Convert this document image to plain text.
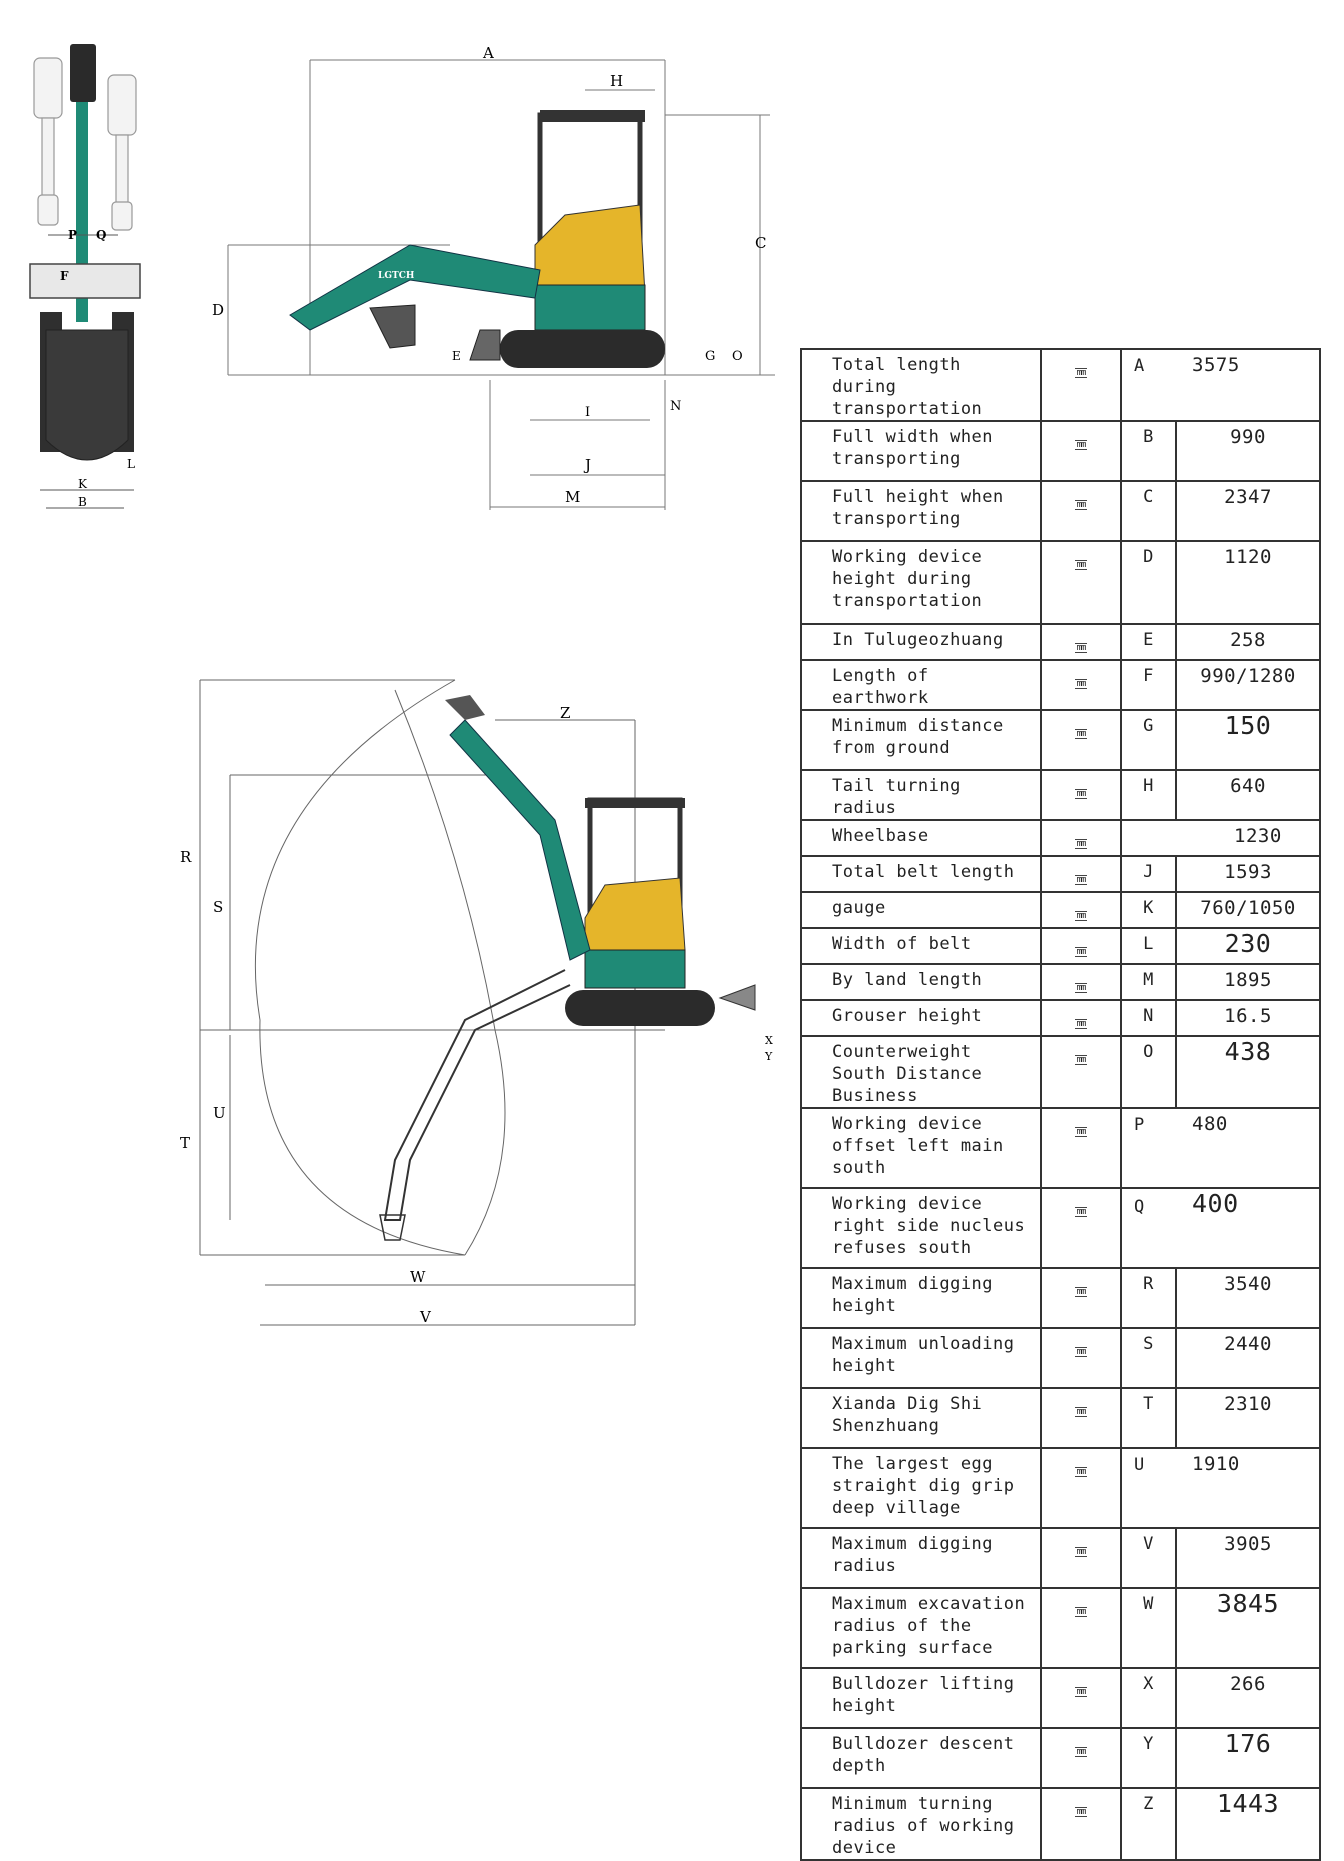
P Q
F
K
B
L
A
H
C
D
E	G O
N
I
J
M
LGTCH
Z
R
S
T
U
W
V
X
Y
Total length during transportation	mm	A 3575	
Full width when transporting	mm	B	990
Full height when transporting	mm	C	2347
Working device height during transportation	mm	D	1120
In Tulugeozhuang	mm	E	258
Length of earthwork	mm	F	990/1280
Minimum distance from ground	mm	G	150
Tail turning radius	mm	H	640
Wheelbase	mm	1230	
Total belt length	mm	J	1593
gauge	mm	K	760/1050
Width of belt	mm	L	230
By land length	mm	M	1895
Grouser height	mm	N	16.5
Counterweight South Distance Business	mm	O	438
Working device offset left main south	mm	P 480	
Working device right side nucleus refuses south	mm	Q 400	
Maximum digging height	mm	R	3540
Maximum unloading height	mm	S	2440
Xianda Dig Shi Shenzhuang	mm	T	2310
The largest egg straight dig grip deep village	mm	U 1910	
Maximum digging radius	mm	V	3905
Maximum excavation radius of the parking surface	mm	W	3845
Bulldozer lifting height	mm	X	266
Bulldozer descent depth	mm	Y	176
Minimum turning radius of working device	mm	Z	1443
